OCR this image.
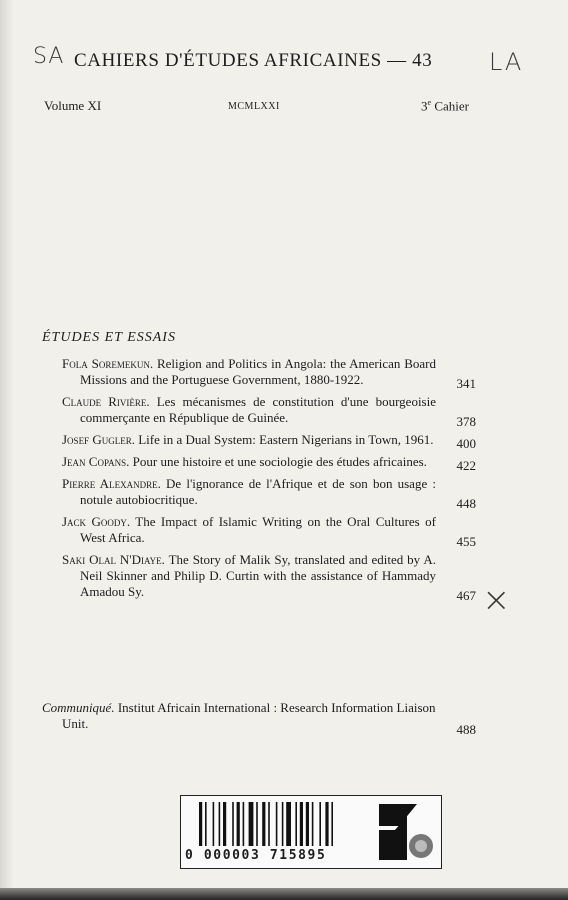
SA	LA
×
CAHIERS D'ÉTUDES AFRICAINES — 43
Volume XI	MCMLXXI	3e Cahier
ÉTUDES ET ESSAIS
Fola Soremekun. Religion and Politics in Angola: the American Board Missions and the Portuguese Government, 1880-1922.	341
Claude Rivière. Les mécanismes de constitution d'une bourgeoisie commerçante en République de Guinée.	378
Josef Gugler. Life in a Dual System: Eastern Nigerians in Town, 1961. 400
Jean Copans. Pour une histoire et une sociologie des études africaines. 422
Pierre Alexandre. De l'ignorance de l'Afrique et de son bon usage : notule autobiocritique.	448
Jack Goody. The Impact of Islamic Writing on the Oral Cultures of West Africa.	455
Saki Olal N'Diaye. The Story of Malik Sy, translated and edited by A. Neil Skinner and Philip D. Curtin with the assistance of Hammady Amadou Sy.	467
Communiqué. Institut Africain International : Research Information Liaison Unit.	488
0 000003 715895
